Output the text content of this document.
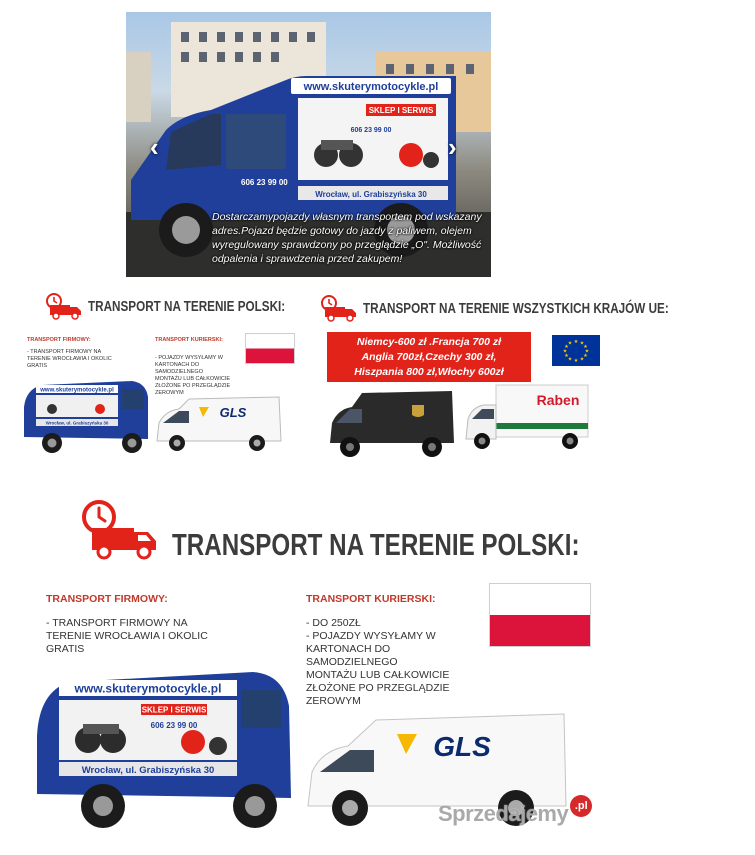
www.skuterymotocykle.pl
SKLEP I SERWIS
606 23 99 00
Wrocław, ul. Grabiszyńska 30
606 23 99 00
‹	›
Dostarczamypojazdy własnym transportem pod wskazany adres.Pojazd będzie gotowy do jazdy z paliwem, olejem wyregulowany sprawdzony po przeglądzie „O". Możliwość odpalenia i sprawdzenia przed zakupem!
TRANSPORT NA TERENIE POLSKI:	TRANSPORT NA TERENIE WSZYSTKICH KRAJÓW UE:
TRANSPORT FIRMOWY:
- TRANSPORT FIRMOWY NA
TERENIE WROCŁAWIA I OKOLIC
GRATIS
TRANSPORT KURIERSKI:
- POJAZDY WYSYŁAMY W
KARTONACH DO
SAMODZIELNEGO
MONTAŻU LUB CAŁKOWICIE
ZŁOŻONE PO PRZEGLĄDZIE
ZEROWYM
www.skuterymotocykle.pl
Wrocław, ul. Grabiszyńska 30
GLS
Niemcy-600 zł .Francja 700 zł
Anglia 700zł,Czechy 300 zł,
Hiszpania 800 zł,Włochy 600zł
★ ★
★
★
★
★
★
★
★
★
★
★
Raben
TRANSPORT NA TERENIE POLSKI:
TRANSPORT FIRMOWY:
- TRANSPORT FIRMOWY NA
TERENIE WROCŁAWIA I OKOLIC
GRATIS
TRANSPORT KURIERSKI:
- DO 250ZŁ
- POJAZDY WYSYŁAMY W
KARTONACH DO
SAMODZIELNEGO
MONTAŻU LUB CAŁKOWICIE
ZŁOŻONE PO PRZEGLĄDZIE
ZEROWYM
www.skuterymotocykle.pl
SKLEP I SERWIS
606 23 99 00
Wrocław, ul. Grabiszyńska 30
GLS
Sprzedajemy .pl
